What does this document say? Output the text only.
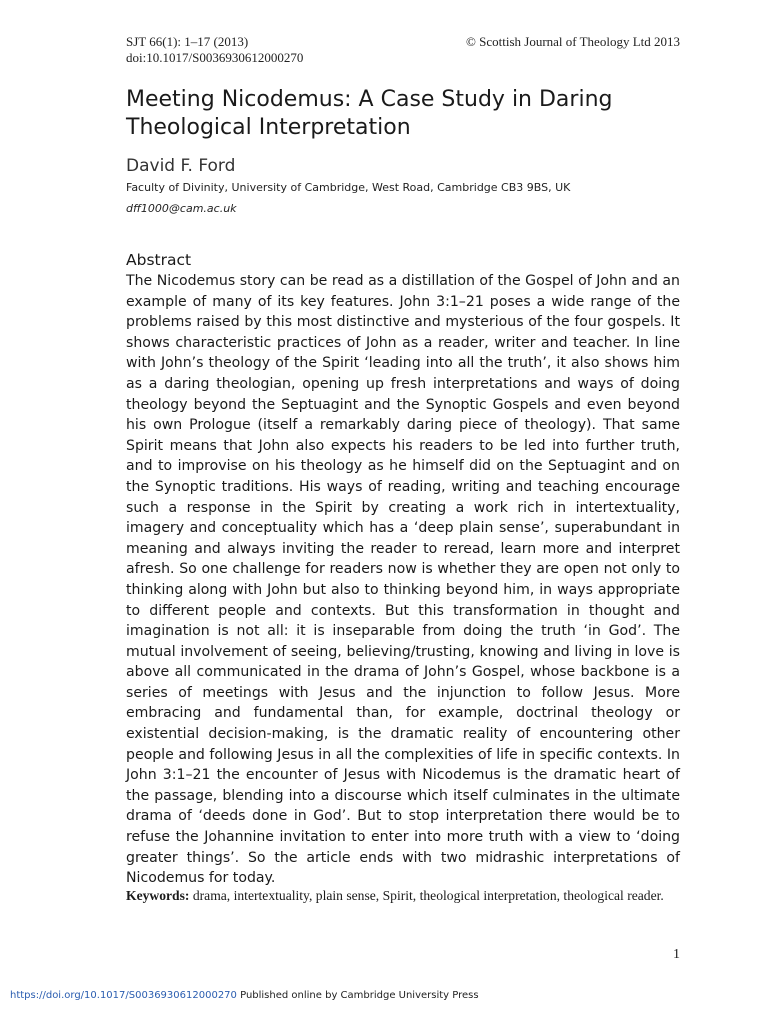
SJT 66(1): 1–17 (2013)
doi:10.1017/S0036930612000270
© Scottish Journal of Theology Ltd 2013
Meeting Nicodemus: A Case Study in Daring Theological Interpretation
David F. Ford
Faculty of Divinity, University of Cambridge, West Road, Cambridge CB3 9BS, UK
dff1000@cam.ac.uk
Abstract

The Nicodemus story can be read as a distillation of the Gospel of John and an example of many of its key features. John 3:1–21 poses a wide range of the problems raised by this most distinctive and mysterious of the four gospels. It shows characteristic practices of John as a reader, writer and teacher. In line with John’s theology of the Spirit ‘leading into all the truth’, it also shows him as a daring theologian, opening up fresh interpretations and ways of doing theology beyond the Septuagint and the Synoptic Gospels and even beyond his own Prologue (itself a remarkably daring piece of theology). That same Spirit means that John also expects his readers to be led into further truth, and to improvise on his theology as he himself did on the Septuagint and on the Synoptic traditions. His ways of reading, writing and teaching encourage such a response in the Spirit by creating a work rich in intertextuality, imagery and conceptuality which has a ‘deep plain sense’, superabundant in meaning and always inviting the reader to reread, learn more and interpret afresh. So one challenge for readers now is whether they are open not only to thinking along with John but also to thinking beyond him, in ways appropriate to different people and contexts. But this transformation in thought and imagination is not all: it is inseparable from doing the truth ‘in God’. The mutual involvement of seeing, believing/trusting, knowing and living in love is above all communicated in the drama of John’s Gospel, whose backbone is a series of meetings with Jesus and the injunction to follow Jesus. More embracing and fundamental than, for example, doctrinal theology or existential decision-making, is the dramatic reality of encountering other people and following Jesus in all the complexities of life in specific contexts. In John 3:1–21 the encounter of Jesus with Nicodemus is the dramatic heart of the passage, blending into a discourse which itself culminates in the ultimate drama of ‘deeds done in God’. But to stop interpretation there would be to refuse the Johannine invitation to enter into more truth with a view to ‘doing greater things’. So the article ends with two midrashic interpretations of Nicodemus for today.

Keywords: drama, intertextuality, plain sense, Spirit, theological interpretation, theological reader.

1
https://doi.org/10.1017/S0036930612000270 Published online by Cambridge University Press
